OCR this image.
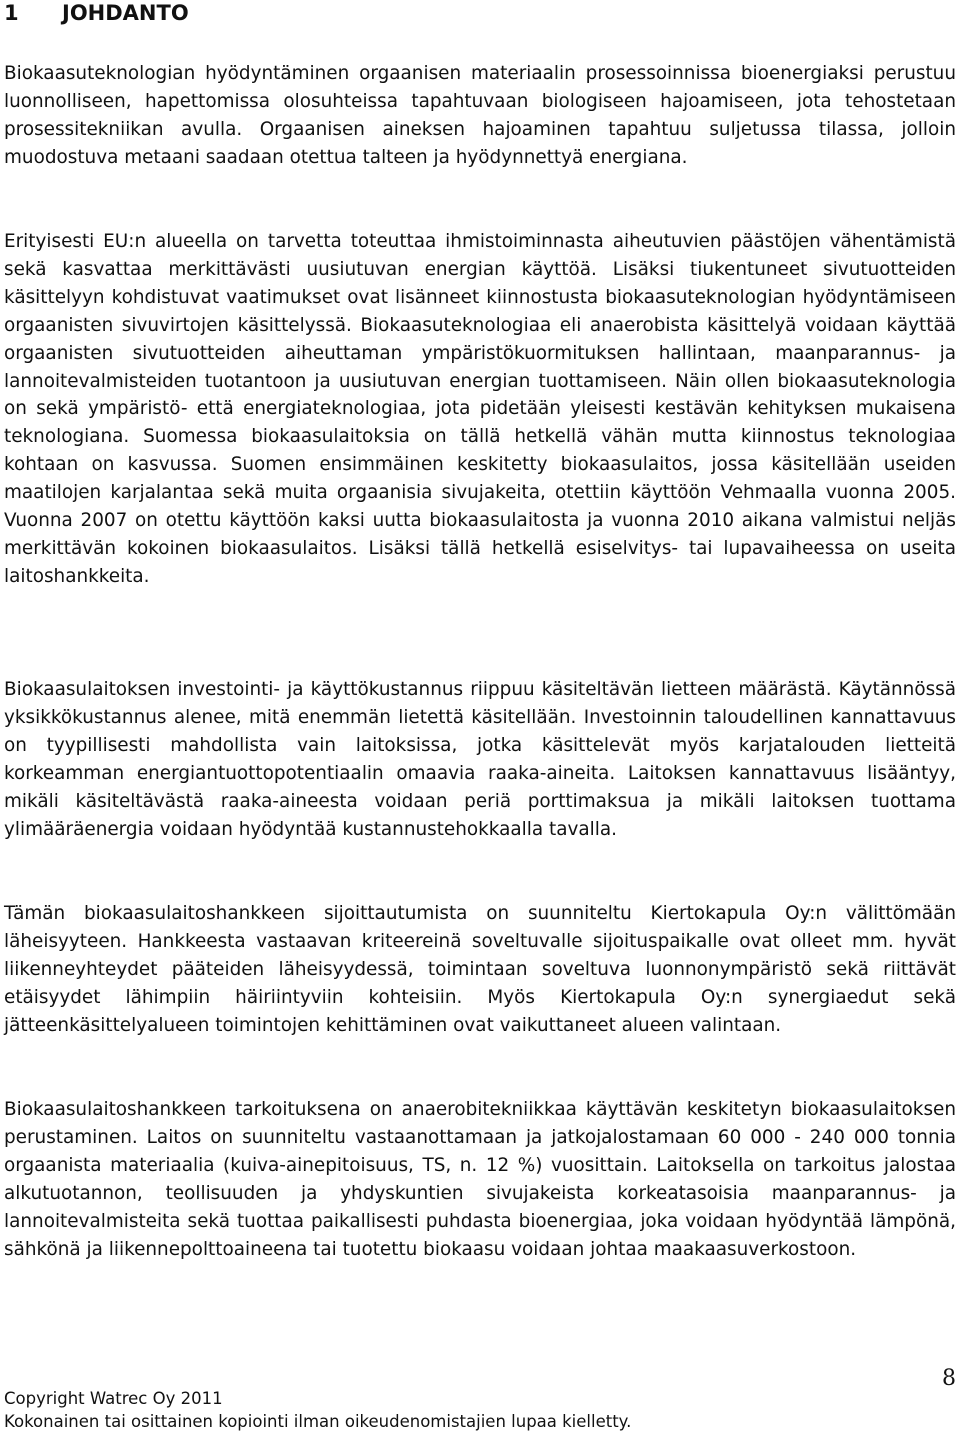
1 JOHDANTO

Biokaasuteknologian hyödyntäminen orgaanisen materiaalin prosessoinnissa bioenergiaksi perustuu luonnolliseen, hapettomissa olosuhteissa tapahtuvaan biologiseen hajoamiseen, jota tehostetaan prosessitekniikan avulla. Orgaanisen aineksen hajoaminen tapahtuu suljetussa tilassa, jolloin muodostuva metaani saadaan otettua talteen ja hyödynnettyä energiana.

Erityisesti EU:n alueella on tarvetta toteuttaa ihmistoiminnasta aiheutuvien päästöjen vähentämistä sekä kasvattaa merkittävästi uusiutuvan energian käyttöä. Lisäksi tiukentuneet sivutuotteiden käsittelyyn kohdistuvat vaatimukset ovat lisänneet kiinnostusta biokaasuteknologian hyödyntämiseen orgaanisten sivuvirtojen käsittelyssä. Biokaasuteknologiaa eli anaerobista käsittelyä voidaan käyttää orgaanisten sivutuotteiden aiheuttaman ympäristökuormituksen hallintaan, maanparannus- ja lannoitevalmisteiden tuotantoon ja uusiutuvan energian tuottamiseen. Näin ollen biokaasuteknologia on sekä ympäristö- että energiateknologiaa, jota pidetään yleisesti kestävän kehityksen mukaisena teknologiana. Suomessa biokaasulaitoksia on tällä hetkellä vähän mutta kiinnostus teknologiaa kohtaan on kasvussa. Suomen ensimmäinen keskitetty biokaasulaitos, jossa käsitellään useiden maatilojen karjalantaa sekä muita orgaanisia sivujakeita, otettiin käyttöön Vehmaalla vuonna 2005. Vuonna 2007 on otettu käyttöön kaksi uutta biokaasulaitosta ja vuonna 2010 aikana valmistui neljäs merkittävän kokoinen biokaasulaitos. Lisäksi tällä hetkellä esiselvitys- tai lupavaiheessa on useita laitoshankkeita.

Biokaasulaitoksen investointi- ja käyttökustannus riippuu käsiteltävän lietteen määrästä. Käytännössä yksikkökustannus alenee, mitä enemmän lietettä käsitellään. Investoinnin taloudellinen kannattavuus on tyypillisesti mahdollista vain laitoksissa, jotka käsittelevät myös karjatalouden lietteitä korkeamman energiantuottopotentiaalin omaavia raaka-aineita. Laitoksen kannattavuus lisääntyy, mikäli käsiteltävästä raaka-aineesta voidaan periä porttimaksua ja mikäli laitoksen tuottama ylimääräenergia voidaan hyödyntää kustannustehokkaalla tavalla.

Tämän biokaasulaitoshankkeen sijoittautumista on suunniteltu Kiertokapula Oy:n välittömään läheisyyteen. Hankkeesta vastaavan kriteereinä soveltuvalle sijoituspaikalle ovat olleet mm. hyvät liikenneyhteydet pääteiden läheisyydessä, toimintaan soveltuva luonnonympäristö sekä riittävät etäisyydet lähimpiin häiriintyviin kohteisiin. Myös Kiertokapula Oy:n synergiaedut sekä jätteenkäsittelyalueen toimintojen kehittäminen ovat vaikuttaneet alueen valintaan.

Biokaasulaitoshankkeen tarkoituksena on anaerobitekniikkaa käyttävän keskitetyn biokaasulaitoksen perustaminen. Laitos on suunniteltu vastaanottamaan ja jatkojalostamaan 60 000 - 240 000 tonnia orgaanista materiaalia (kuiva-ainepitoisuus, TS, n. 12 %) vuosittain. Laitoksella on tarkoitus jalostaa alkutuotannon, teollisuuden ja yhdyskuntien sivujakeista korkeatasoisia maanparannus- ja lannoitevalmisteita sekä tuottaa paikallisesti puhdasta bioenergiaa, joka voidaan hyödyntää lämpönä, sähkönä ja liikennepolttoaineena tai tuotettu biokaasu voidaan johtaa maakaasuverkostoon.

Copyright Watrec Oy 2011
Kokonainen tai osittainen kopiointi ilman oikeudenomistajien lupaa kielletty.
8
